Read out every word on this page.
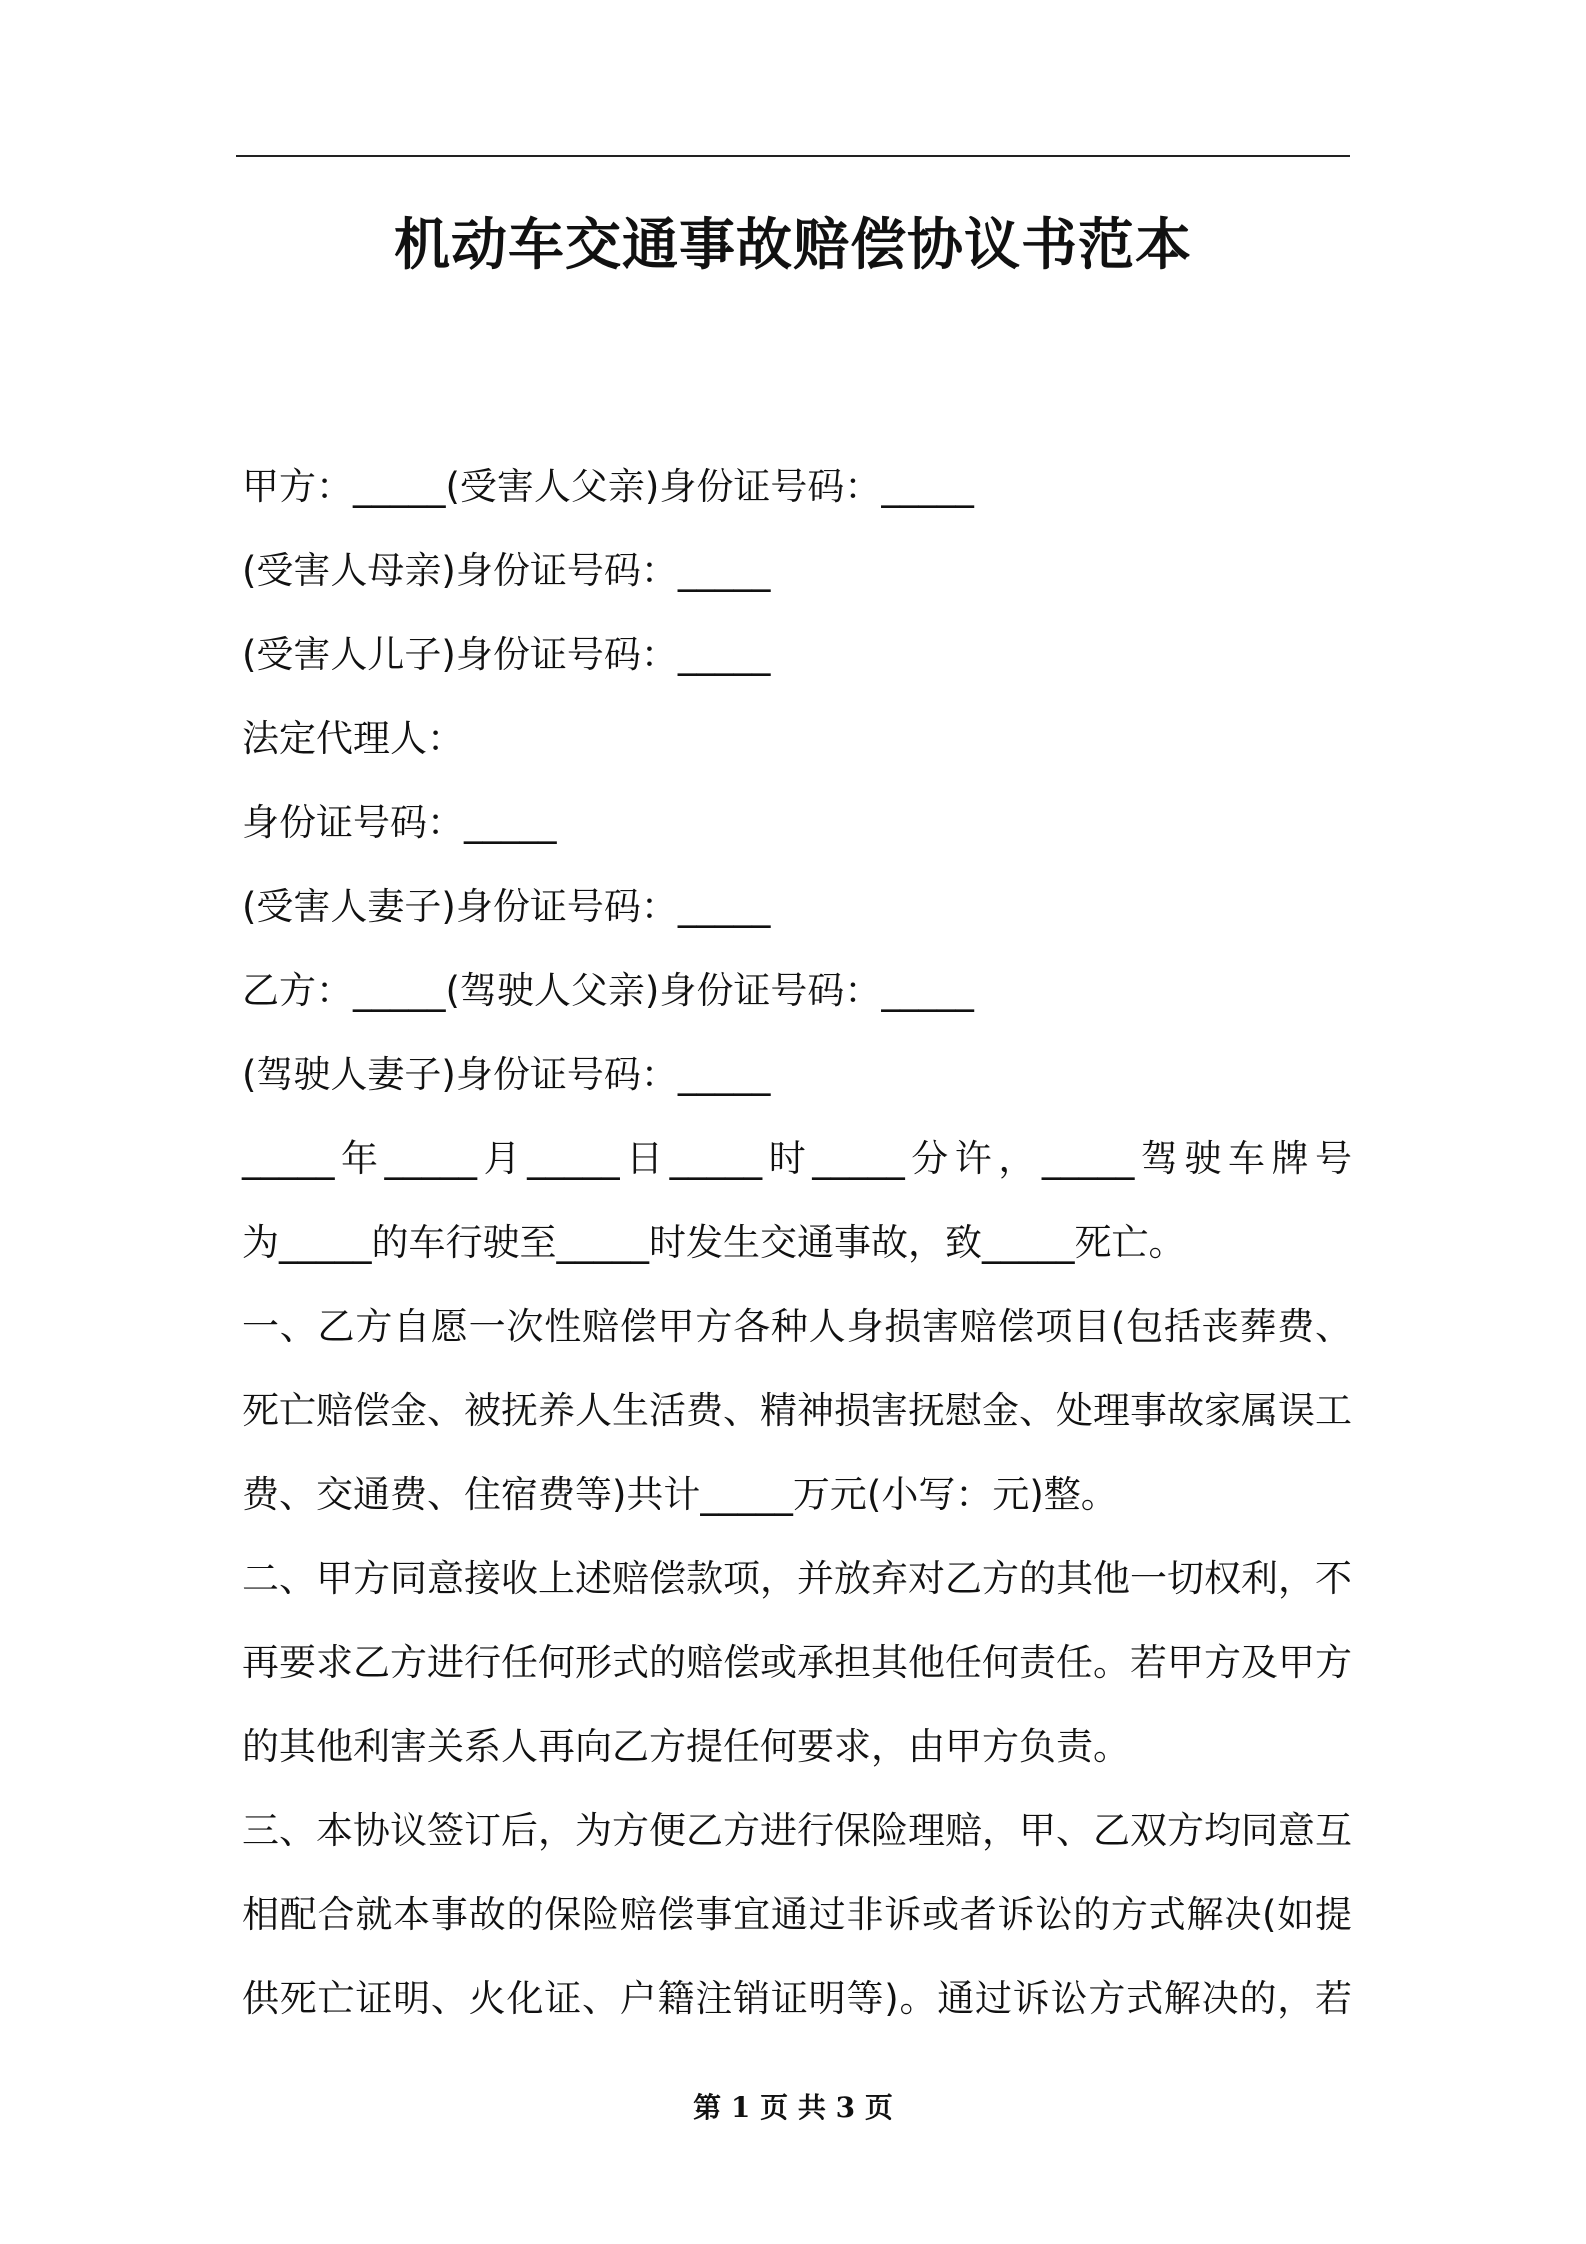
机动车交通事故赔偿协议书范本
甲方：_____(受害人父亲)身份证号码：_____
(受害人母亲)身份证号码：_____
(受害人儿子)身份证号码：_____
法定代理人：
身份证号码：_____
(受害人妻子)身份证号码：_____
乙方：_____(驾驶人父亲)身份证号码：_____
(驾驶人妻子)身份证号码：_____
_____年_____月_____日_____时_____分许，_____驾驶车牌号
为_____的车行驶至_____时发生交通事故，致_____死亡。
一、乙方自愿一次性赔偿甲方各种人身损害赔偿项目(包括丧葬费、
死亡赔偿金、被抚养人生活费、精神损害抚慰金、处理事故家属误工
费、交通费、住宿费等)共计_____万元(小写：元)整。
二、甲方同意接收上述赔偿款项，并放弃对乙方的其他一切权利，不
再要求乙方进行任何形式的赔偿或承担其他任何责任。若甲方及甲方
的其他利害关系人再向乙方提任何要求，由甲方负责。
三、本协议签订后，为方便乙方进行保险理赔，甲、乙双方均同意互
相配合就本事故的保险赔偿事宜通过非诉或者诉讼的方式解决(如提
供死亡证明、火化证、户籍注销证明等)。通过诉讼方式解决的，若
第 1 页 共 3 页
